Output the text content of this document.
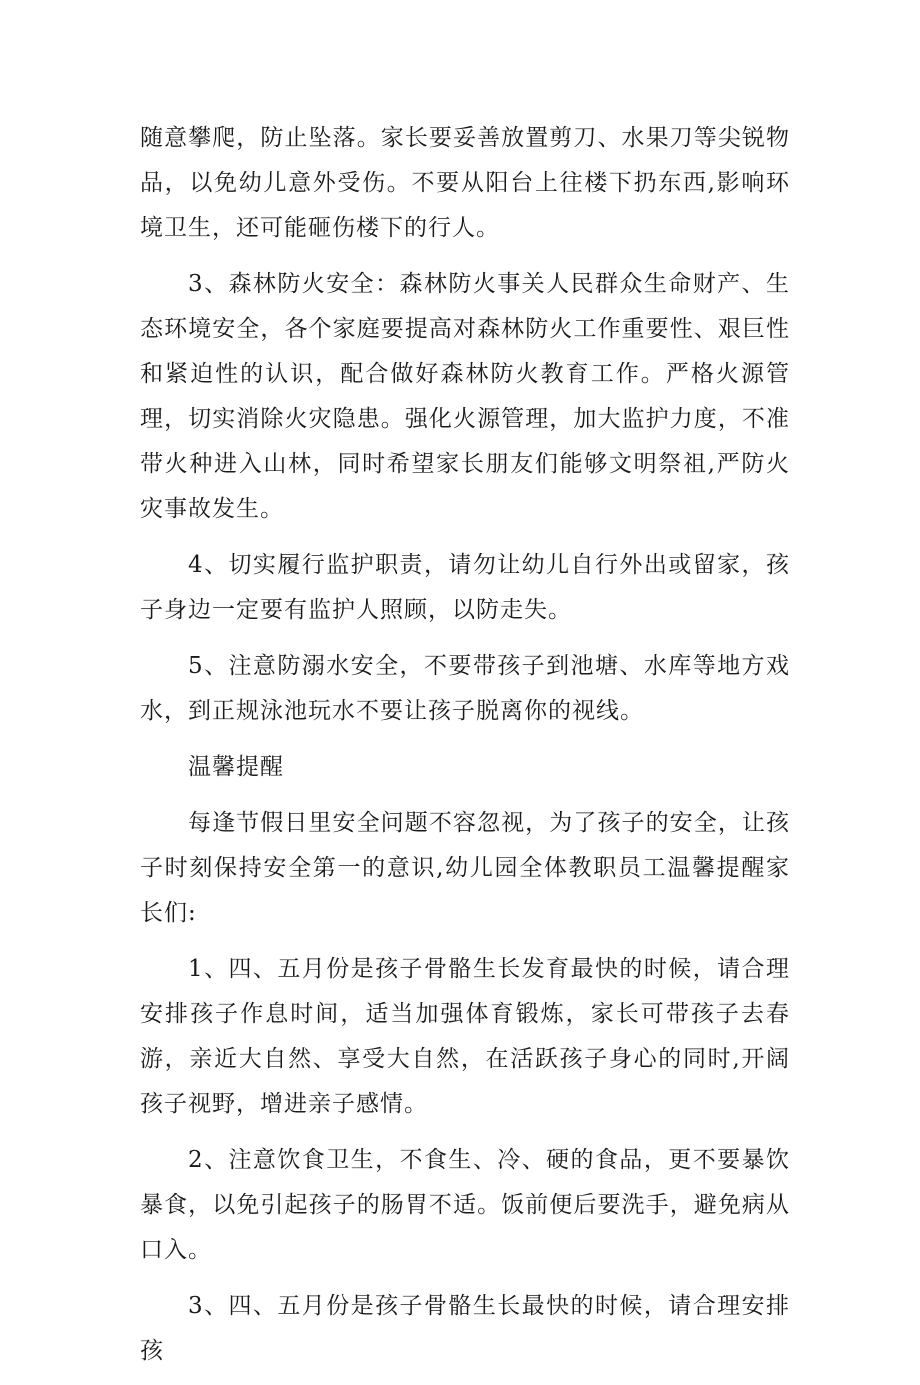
随意攀爬，防止坠落。家长要妥善放置剪刀、水果刀等尖锐物品，以免幼儿意外受伤。不要从阳台上往楼下扔东西,影响环境卫生，还可能砸伤楼下的行人。

3、森林防火安全：森林防火事关人民群众生命财产、生态环境安全，各个家庭要提高对森林防火工作重要性、艰巨性和紧迫性的认识，配合做好森林防火教育工作。严格火源管理，切实消除火灾隐患。强化火源管理，加大监护力度，不准带火种进入山林，同时希望家长朋友们能够文明祭祖,严防火灾事故发生。

4、切实履行监护职责，请勿让幼儿自行外出或留家，孩子身边一定要有监护人照顾，以防走失。

5、注意防溺水安全，不要带孩子到池塘、水库等地方戏水，到正规泳池玩水不要让孩子脱离你的视线。

温馨提醒

每逢节假日里安全问题不容忽视，为了孩子的安全，让孩子时刻保持安全第一的意识,幼儿园全体教职员工温馨提醒家长们:

1、四、五月份是孩子骨骼生长发育最快的时候，请合理安排孩子作息时间，适当加强体育锻炼，家长可带孩子去春游，亲近大自然、享受大自然，在活跃孩子身心的同时,开阔孩子视野，增进亲子感情。

2、注意饮食卫生，不食生、冷、硬的食品，更不要暴饮暴食，以免引起孩子的肠胃不适。饭前便后要洗手，避免病从口入。

3、四、五月份是孩子骨骼生长最快的时候，请合理安排孩
